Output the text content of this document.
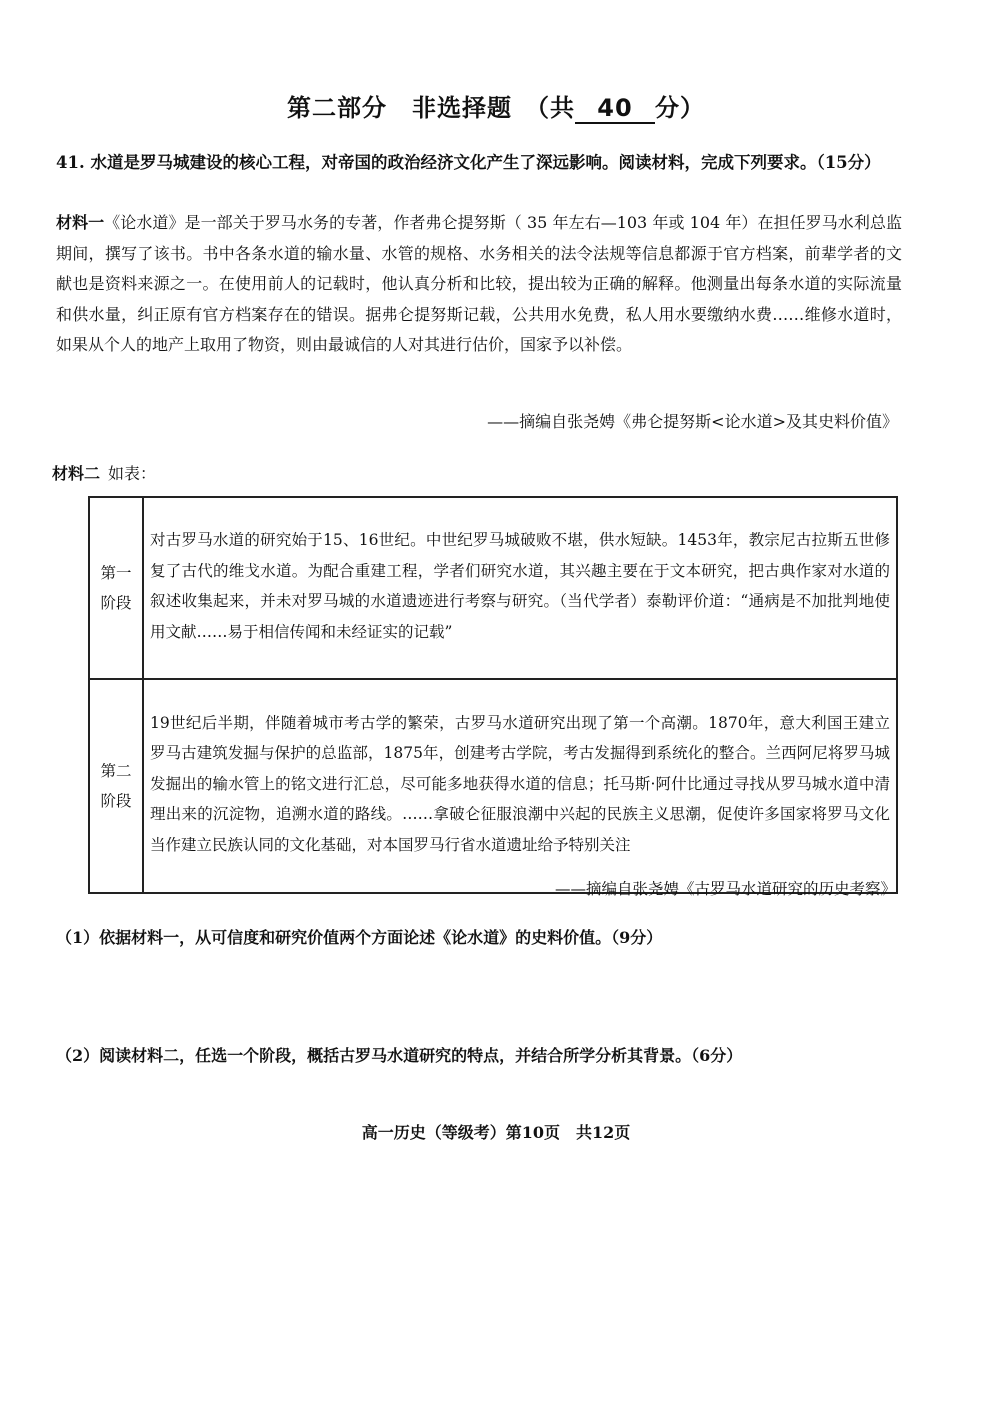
第二部分　非选择题　（共 40 分）
41. 水道是罗马城建设的核心工程，对帝国的政治经济文化产生了深远影响。阅读材料，完成下列要求。（15分）
材料一《论水道》是一部关于罗马水务的专著，作者弗仑提努斯（ 35 年左右—103 年或 104 年）在担任罗马水利总监期间，撰写了该书。书中各条水道的输水量、水管的规格、水务相关的法令法规等信息都源于官方档案，前辈学者的文献也是资料来源之一。在使用前人的记载时，他认真分析和比较，提出较为正确的解释。他测量出每条水道的实际流量和供水量，纠正原有官方档案存在的错误。据弗仑提努斯记载，公共用水免费，私人用水要缴纳水费……维修水道时，如果从个人的地产上取用了物资，则由最诚信的人对其进行估价，国家予以补偿。
——摘编自张尧娉《弗仑提努斯<论水道>及其史料价值》
材料二 如表：
第一阶段	对古罗马水道的研究始于15、16世纪。中世纪罗马城破败不堪，供水短缺。1453年，教宗尼古拉斯五世修复了古代的维戈水道。为配合重建工程，学者们研究水道，其兴趣主要在于文本研究，把古典作家对水道的叙述收集起来，并未对罗马城的水道遗迹进行考察与研究。（当代学者）泰勒评价道：“通病是不加批判地使用文献……易于相信传闻和未经证实的记载”
第二阶段	19世纪后半期，伴随着城市考古学的繁荣，古罗马水道研究出现了第一个高潮。1870年，意大利国王建立罗马古建筑发掘与保护的总监部，1875年，创建考古学院，考古发掘得到系统化的整合。兰西阿尼将罗马城发掘出的输水管上的铭文进行汇总，尽可能多地获得水道的信息；托马斯·阿什比通过寻找从罗马城水道中清理出来的沉淀物，追溯水道的路线。……拿破仑征服浪潮中兴起的民族主义思潮，促使许多国家将罗马文化当作建立民族认同的文化基础，对本国罗马行省水道遗址给予特别关注
——摘编自张尧娉《古罗马水道研究的历史考察》
（1）依据材料一，从可信度和研究价值两个方面论述《论水道》的史料价值。（9分）
（2）阅读材料二，任选一个阶段，概括古罗马水道研究的特点，并结合所学分析其背景。（6分）
高一历史（等级考）第10页　共12页
